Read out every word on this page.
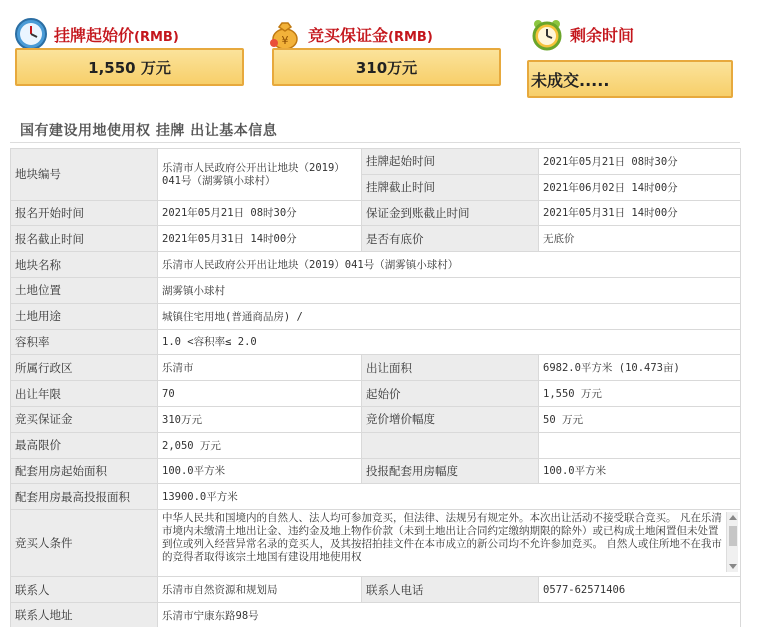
挂牌起始价(RMB)
1,550 万元
¥ 竞买保证金(RMB)
310万元
剩余时间
未成交.....
国有建设用地使用权 挂牌 出让基本信息
地块编号	乐清市人民政府公开出让地块（2019）041号（湖雾镇小球村）	挂牌起始时间	2021年05月21日 08时30分
		挂牌截止时间	2021年06月02日 14时00分
报名开始时间	2021年05月21日 08时30分	保证金到账截止时间	2021年05月31日 14时00分
报名截止时间	2021年05月31日 14时00分	是否有底价	无底价
地块名称	乐清市人民政府公开出让地块（2019）041号（湖雾镇小球村）		
土地位置	湖雾镇小球村		
土地用途	城镇住宅用地(普通商品房) /		
容积率	1.0 <容积率≤ 2.0		
所属行政区	乐清市	出让面积	6982.0平方米 (10.473亩)
出让年限	70	起始价	1,550 万元
竞买保证金	310万元	竞价增价幅度	50 万元
最高限价	2,050 万元		
配套用房起始面积	100.0平方米	投报配套用房幅度	100.0平方米
配套用房最高投报面积	13900.0平方米		
竞买人条件	中华人民共和国境内的自然人、法人均可参加竞买，但法律、法规另有规定外。本次出让活动不接受联合竞买。 凡在乐清市境内未缴清土地出让金、违约金及地上物作价款（未到土地出让合同约定缴纳期限的除外）或已构成土地闲置但未处置到位或列入经营异常名录的竞买人，及其按招拍挂文件在本市成立的新公司均不允许参加竞买。 自然人或住所地不在我市的竞得者取得该宗土地国有建设用地使用权		

联系人	乐清市自然资源和规划局	联系人电话	0577-62571406
联系人地址	乐清市宁康东路98号		
